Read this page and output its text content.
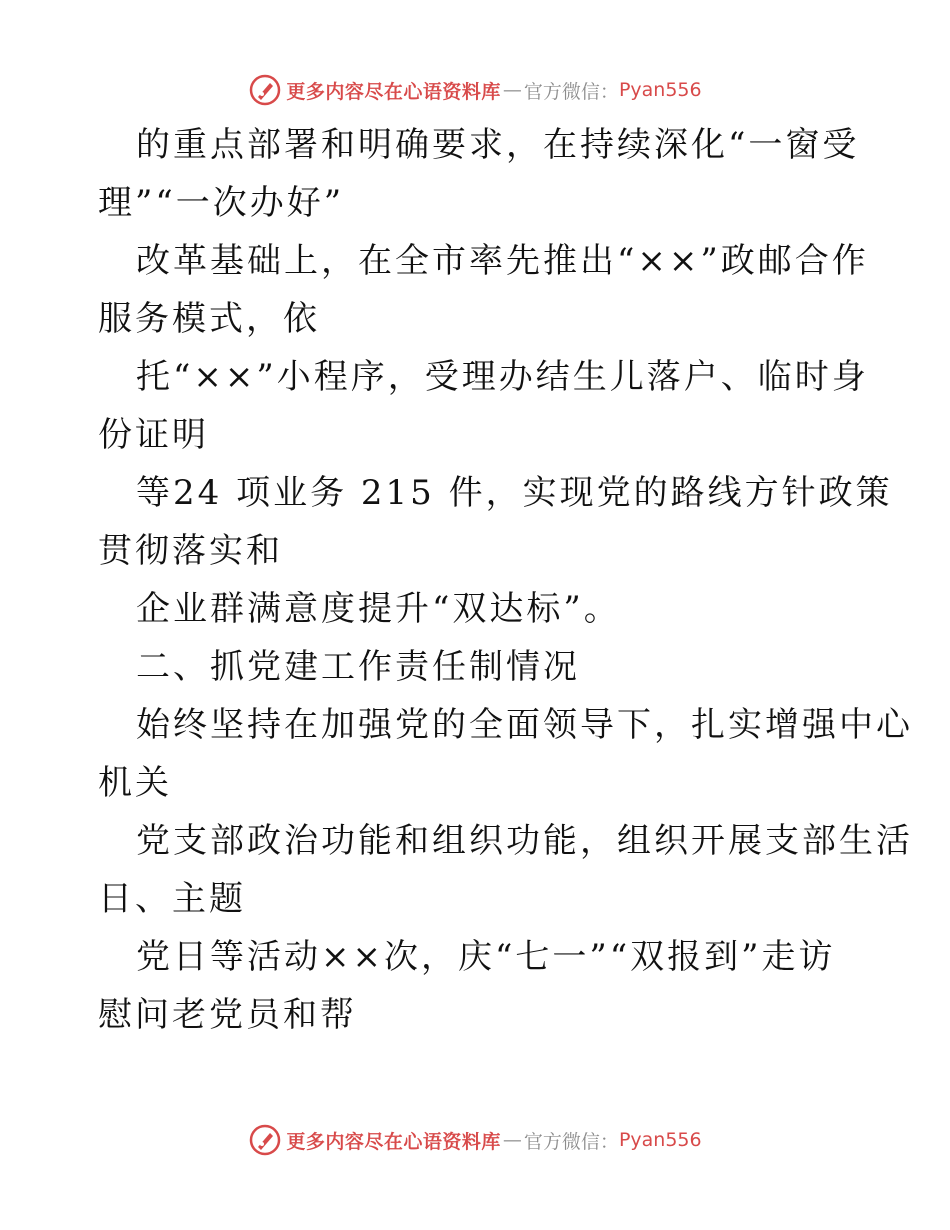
更多内容尽在心语资料库 — 官方微信： Pyan556
的重点部署和明确要求，在持续深化“一窗受
理”“一次办好”
改革基础上，在全市率先推出“××”政邮合作
服务模式，依
托“××”小程序，受理办结生儿落户、临时身
份证明
等24 项业务 215 件，实现党的路线方针政策
贯彻落实和
企业群满意度提升“双达标”。
二、抓党建工作责任制情况
始终坚持在加强党的全面领导下，扎实增强中心
机关
党支部政治功能和组织功能，组织开展支部生活
日、主题
党日等活动××次，庆“七一”“双报到”走访
慰问老党员和帮
更多内容尽在心语资料库 — 官方微信： Pyan556
